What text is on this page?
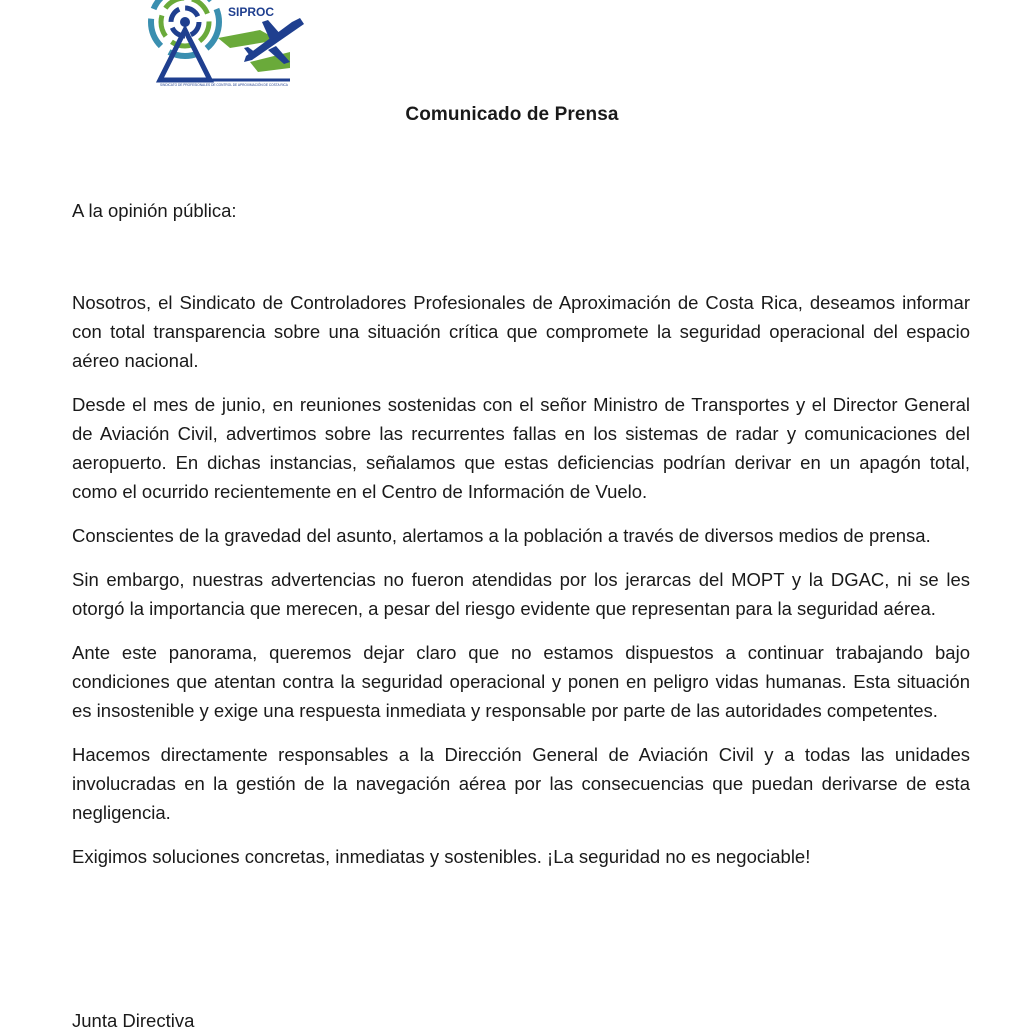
SIPROC
SINDICATO DE PROFESIONALES DE CONTROL DE APROXIMACIÓN DE COSTA RICA
Comunicado de Prensa

A la opinión pública:

Nosotros, el Sindicato de Controladores Profesionales de Aproximación de Costa Rica, deseamos informar con total transparencia sobre una situación crítica que compromete la seguridad operacional del espacio aéreo nacional.

Desde el mes de junio, en reuniones sostenidas con el señor Ministro de Transportes y el Director General de Aviación Civil, advertimos sobre las recurrentes fallas en los sistemas de radar y comunicaciones del aeropuerto. En dichas instancias, señalamos que estas deficiencias podrían derivar en un apagón total, como el ocurrido recientemente en el Centro de Información de Vuelo.

Conscientes de la gravedad del asunto, alertamos a la población a través de diversos medios de prensa.

Sin embargo, nuestras advertencias no fueron atendidas por los jerarcas del MOPT y la DGAC, ni se les otorgó la importancia que merecen, a pesar del riesgo evidente que representan para la seguridad aérea.

Ante este panorama, queremos dejar claro que no estamos dispuestos a continuar trabajando bajo condiciones que atentan contra la seguridad operacional y ponen en peligro vidas humanas. Esta situación es insostenible y exige una respuesta inmediata y responsable por parte de las autoridades competentes.

Hacemos directamente responsables a la Dirección General de Aviación Civil y a todas las unidades involucradas en la gestión de la navegación aérea por las consecuencias que puedan derivarse de esta negligencia.

Exigimos soluciones concretas, inmediatas y sostenibles. ¡La seguridad no es negociable!

Junta Directiva
